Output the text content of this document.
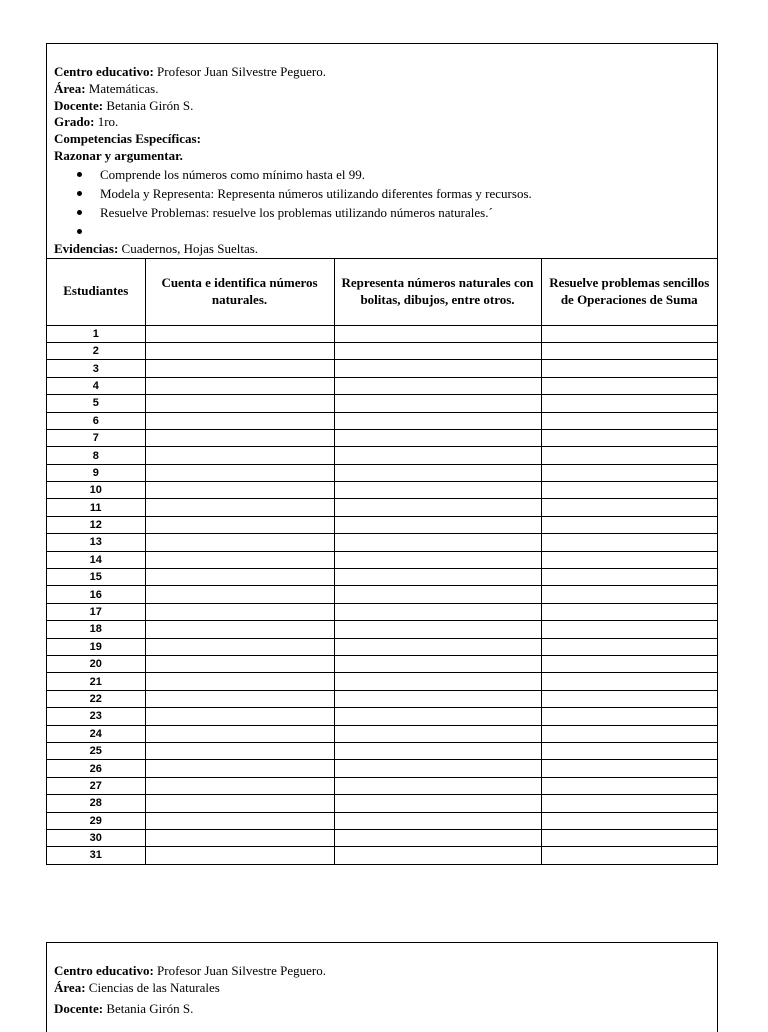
Centro educativo: Profesor Juan Silvestre Peguero.
Área: Matemáticas.
Docente: Betania Girón S.
Grado: 1ro.
Competencias Específicas:
Razonar y argumentar.
Comprende los números como mínimo hasta el 99.
Modela y Representa: Representa números utilizando diferentes formas y recursos.
Resuelve Problemas: resuelve los problemas utilizando números naturales.´
Evidencias: Cuadernos, Hojas Sueltas.
Estudiantes	Cuenta e identifica números naturales.	Representa números naturales con bolitas, dibujos, entre otros.	Resuelve problemas sencillos de Operaciones de Suma
1			
2			
3			
4			
5			
6			
7			
8			
9			
10			
11			
12			
13			
14			
15			
16			
17			
18			
19			
20			
21			
22			
23			
24			
25			
26			
27			
28			
29			
30			
31			
Centro educativo: Profesor Juan Silvestre Peguero.
Área: Ciencias de las Naturales
Docente: Betania Girón S.
